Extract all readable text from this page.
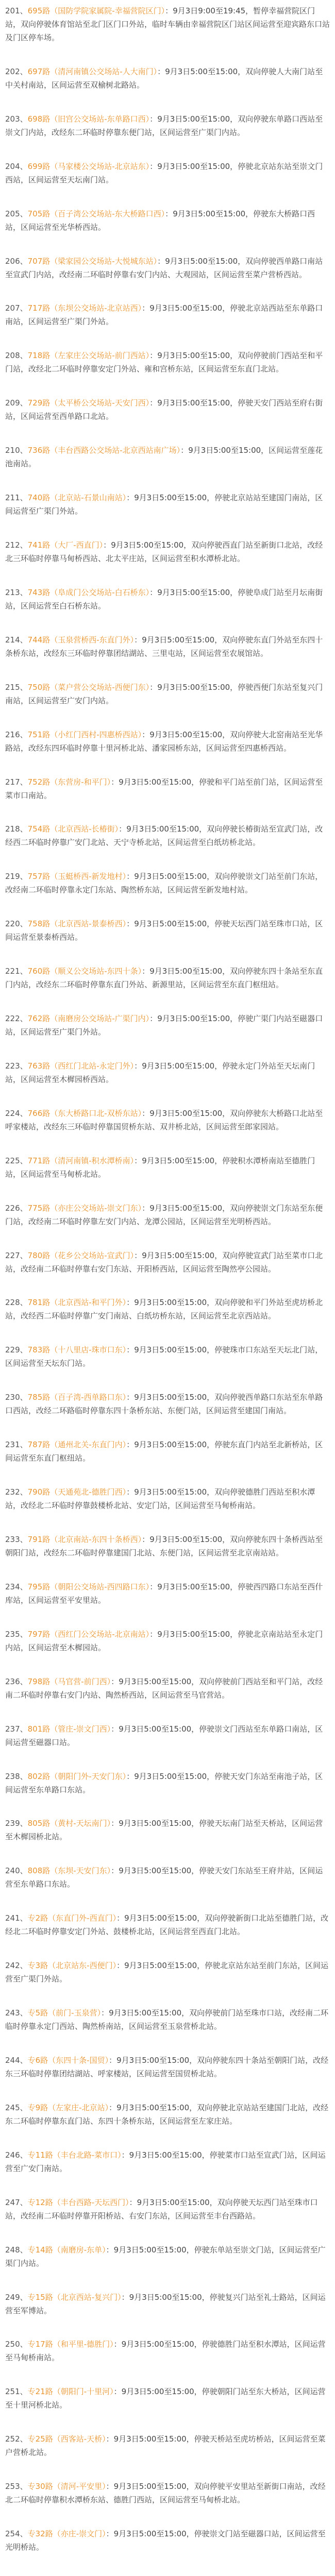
201、695路（国防学院家属院-幸福营院区门）：9月3日9:00至19:45，暂停幸福营院区门站，双向停驶体育馆站至北门区门口外站，临时车辆由幸福营院区门站区间运营至迎宾路东口站及门区停车场。

202、697路（清河南镇公交场站-人大南门）：9月3日5:00至15:00，双向停驶人大南门站至中关村南站，区间运营至双榆树北路站。

203、698路（旧宫公交场站-东单路口西）：9月3日5:00至15:00，双向停驶东单路口西站至崇文门内站，改经东二环临时停靠东便门站，区间运营至广渠门内站。

204、699路（马家楼公交场站-北京站东）：9月3日5:00至15:00，停驶北京站东站至崇文门西站，区间运营至天坛南门站。

205、705路（百子湾公交场站-东大桥路口西）：9月3日5:00至15:00，停驶东大桥路口西站，区间运营至光华桥西站。

206、707路（梁家园公交场站-大悦城东站）：9月3日5:00至15:00，双向停驶西单路口南站至宣武门内站，改经南二环临时停靠右安门内站、大观园站，区间运营至菜户营桥西站。

207、717路（东坝公交场站-北京站西）：9月3日5:00至15:00，停驶北京站西站至东单路口南站，区间运营至广渠门外站。

208、718路（左家庄公交场站-前门西站）：9月3日5:00至15:00，双向停驶前门西站至和平门站，改经北二环临时停靠安定门外站、雍和宫桥东站，区间运营至东直门北站。

209、729路（太平桥公交场站-天安门西）：9月3日5:00至15:00，停驶天安门西站至府右街站，区间运营至西单路口北站。

210、736路（丰台西路公交场站-北京西站南广场）：9月3日5:00至15:00，区间运营至莲花池南站。

211、740路（北京站-石景山南站）：9月3日5:00至15:00，停驶北京站站至建国门南站，区间运营至广渠门外站。

212、741路（大厂-西直门）：9月3日5:00至15:00，双向停驶西直门站至新街口北站，改经北三环临时停靠马甸桥西站、北太平庄站，区间运营至积水潭桥北站。

213、743路（阜成门公交场站-白石桥东）：9月3日5:00至15:00，停驶阜成门站至月坛南街站，区间运营至白石桥东站。

214、744路（玉泉营桥西-东直门外）：9月3日5:00至15:00，双向停驶东直门外站至东四十条桥东站，改经东三环临时停靠团结湖站、三里屯站，区间运营至农展馆站。

215、750路（菜户营公交场站-西便门东）：9月3日5:00至15:00，停驶西便门东站至复兴门南站，区间运营至广安门内站。

216、751路（小红门西村-四惠桥西站）：9月3日5:00至15:00，双向停驶大北窑南站至光华路站，改经东四环临时停靠十里河桥北站、潘家园桥东站，区间运营至四惠桥西站。

217、752路（东营房-和平门）：9月3日5:00至15:00，停驶和平门站至前门站，区间运营至菜市口南站。

218、754路（北京西站-长椿街）：9月3日5:00至15:00，双向停驶长椿街站至宣武门站，改经西二环临时停靠广安门北站、天宁寺桥北站，区间运营至白纸坊桥北站。

219、757路（玉蜓桥西-新发地村）：9月3日5:00至15:00，双向停驶崇文门站至前门东站，改经南二环临时停靠永定门东站、陶然桥东站，区间运营至新发地村站。

220、758路（北京西站-景泰桥西）：9月3日5:00至15:00，停驶天坛西门站至珠市口站，区间运营至景泰桥西站。

221、760路（顺义公交场站-东四十条）：9月3日5:00至15:00，双向停驶东四十条站至东直门内站，改经东二环临时停靠东直门外站、新源里站，区间运营至东直门枢纽站。

222、762路（南磨房公交场站-广渠门内）：9月3日5:00至15:00，停驶广渠门内站至磁器口站，区间运营至广渠门外站。

223、763路（西红门北站-永定门外）：9月3日5:00至15:00，停驶永定门外站至天坛南门站，区间运营至木樨园桥西站。

224、766路（东大桥路口北-双桥东站）：9月3日5:00至15:00，双向停驶东大桥路口北站至呼家楼站，改经东三环临时停靠国贸桥东站、双井桥北站，区间运营至郎家园站。

225、771路（清河南镇-积水潭桥南）：9月3日5:00至15:00，停驶积水潭桥南站至德胜门站，区间运营至马甸桥北站。

226、775路（亦庄公交场站-崇文门东）：9月3日5:00至15:00，双向停驶崇文门东站至东便门站，改经南二环临时停靠左安门内站、龙潭公园站，区间运营至光明桥西站。

227、780路（花乡公交场站-宣武门）：9月3日5:00至15:00，双向停驶宣武门站至菜市口北站，改经南二环临时停靠右安门东站、开阳桥西站，区间运营至陶然亭公园站。

228、781路（北京西站-和平门外）：9月3日5:00至15:00，双向停驶和平门外站至虎坊桥北站，改经西二环临时停靠广安门南站、白纸坊桥东站，区间运营至北京西站站。

229、783路（十八里店-珠市口东）：9月3日5:00至15:00，停驶珠市口东站至天坛北门站，区间运营至天坛东门站。

230、785路（百子湾-西单路口东）：9月3日5:00至15:00，双向停驶西单路口东站至东单路口西站，改经二环路临时停靠东四十条桥东站、东便门站，区间运营至建国门南站。

231、787路（通州北关-东直门内）：9月3日5:00至15:00，停驶东直门内站至北新桥站，区间运营至东直门枢纽站。

232、790路（天通苑北-德胜门西）：9月3日5:00至15:00，双向停驶德胜门西站至积水潭站，改经北二环临时停靠鼓楼桥北站、安定门站，区间运营至马甸桥南站。

233、791路（北京南站-东四十条桥西）：9月3日5:00至15:00，双向停驶东四十条桥西站至朝阳门站，改经东二环临时停靠建国门北站、东便门站，区间运营至北京南站站。

234、795路（朝阳公交场站-西四路口东）：9月3日5:00至15:00，停驶西四路口东站至西什库站，区间运营至平安里站。

235、797路（西红门公交场站-北京南站）：9月3日5:00至15:00，停驶北京南站站至永定门内站，区间运营至木樨园站。

236、798路（马官营-前门西）：9月3日5:00至15:00，双向停驶前门西站至和平门站，改经南二环临时停靠右安门内站、陶然桥西站，区间运营至马官营站。

237、801路（管庄-崇文门西）：9月3日5:00至15:00，停驶崇文门西站至东单路口南站，区间运营至磁器口站。

238、802路（朝阳门外-天安门东）：9月3日5:00至15:00，停驶天安门东站至南池子站，区间运营至东单路口东站。

239、805路（黄村-天坛南门）：9月3日5:00至15:00，停驶天坛南门站至天桥站，区间运营至木樨园桥北站。

240、808路（东坝-天安门东）：9月3日5:00至15:00，停驶天安门东站至王府井站，区间运营至东单路口东站。

241、专2路（东直门外-西直门）：9月3日5:00至15:00，双向停驶新街口北站至德胜门站，改经北二环临时停靠安定门外站、鼓楼桥北站，区间运营至西直门北站。

242、专3路（北京站东-西便门）：9月3日5:00至15:00，停驶北京站东站至前门东站，区间运营至广渠门外站。

243、专5路（前门-玉泉营）：9月3日5:00至15:00，双向停驶前门站至珠市口站，改经南二环临时停靠永定门西站、陶然桥南站，区间运营至玉泉营桥北站。

244、专6路（东四十条-国贸）：9月3日5:00至15:00，双向停驶东四十条站至朝阳门站，改经东三环临时停靠团结湖站、呼家楼站，区间运营至国贸桥北站。

245、专9路（左家庄-北京站）：9月3日5:00至15:00，双向停驶北京站站至建国门北站，改经东二环临时停靠东直门站、东四十条桥东站，区间运营至左家庄站。

246、专11路（丰台北路-菜市口）：9月3日5:00至15:00，停驶菜市口站至宣武门站，区间运营至广安门南站。

247、专12路（丰台西路-天坛西门）：9月3日5:00至15:00，双向停驶天坛西门站至珠市口站，改经南二环临时停靠开阳桥站、右安门东站，区间运营至丰台西路站。

248、专14路（南磨房-东单）：9月3日5:00至15:00，停驶东单站至崇文门站，区间运营至广渠门内站。

249、专15路（北京西站-复兴门）：9月3日5:00至15:00，停驶复兴门站至礼士路站，区间运营至军博站。

250、专17路（和平里-德胜门）：9月3日5:00至15:00，停驶德胜门站至积水潭站，区间运营至马甸桥南站。

251、专21路（朝阳门-十里河）：9月3日5:00至15:00，停驶朝阳门站至东大桥站，区间运营至十里河桥北站。

252、专25路（西客站-天桥）：9月3日5:00至15:00，停驶天桥站至虎坊桥站，区间运营至菜户营桥北站。

253、专30路（清河-平安里）：9月3日5:00至15:00，双向停驶平安里站至新街口南站，改经北二环临时停靠积水潭桥东站、德胜门西站，区间运营至马甸桥北站。

254、专32路（亦庄-崇文门）：9月3日5:00至15:00，停驶崇文门站至磁器口站，区间运营至光明桥站。
